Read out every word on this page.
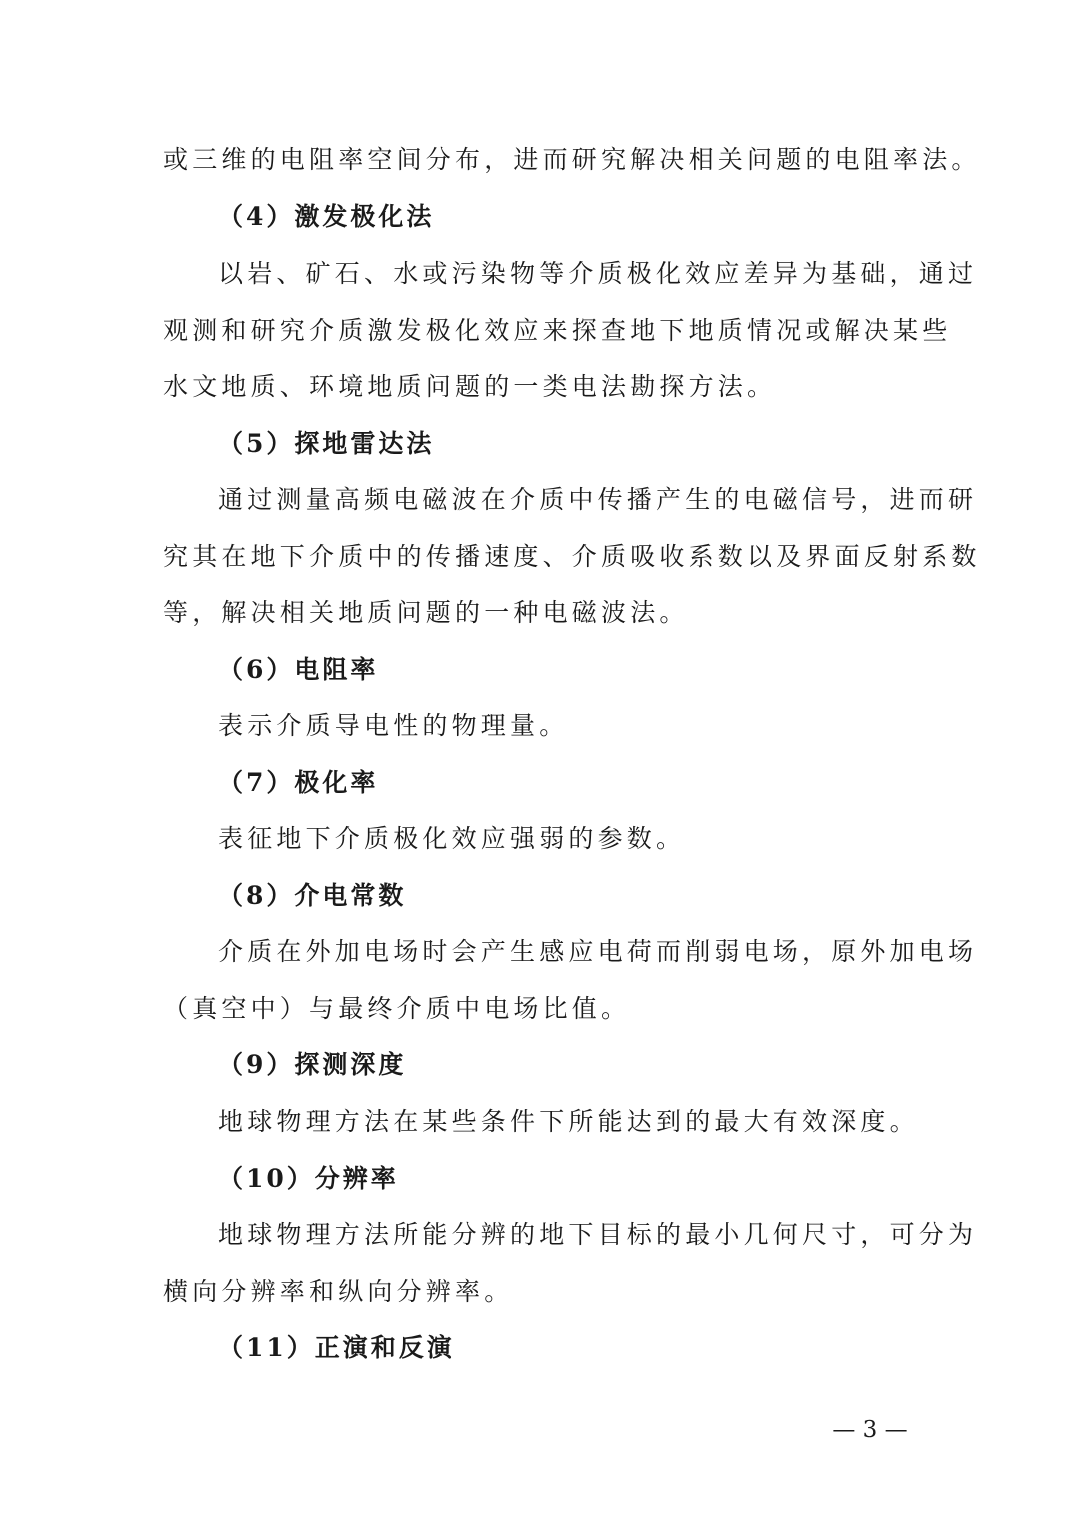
或三维的电阻率空间分布，进而研究解决相关问题的电阻率法。
（4）激发极化法
以岩、矿石、水或污染物等介质极化效应差异为基础，通过
观测和研究介质激发极化效应来探查地下地质情况或解决某些
水文地质、环境地质问题的一类电法勘探方法。
（5）探地雷达法
通过测量高频电磁波在介质中传播产生的电磁信号，进而研
究其在地下介质中的传播速度、介质吸收系数以及界面反射系数
等，解决相关地质问题的一种电磁波法。
（6）电阻率
表示介质导电性的物理量。
（7）极化率
表征地下介质极化效应强弱的参数。
（8）介电常数
介质在外加电场时会产生感应电荷而削弱电场，原外加电场
（真空中）与最终介质中电场比值。
（9）探测深度
地球物理方法在某些条件下所能达到的最大有效深度。
（10）分辨率
地球物理方法所能分辨的地下目标的最小几何尺寸，可分为
横向分辨率和纵向分辨率。
（11）正演和反演
— 3 —
